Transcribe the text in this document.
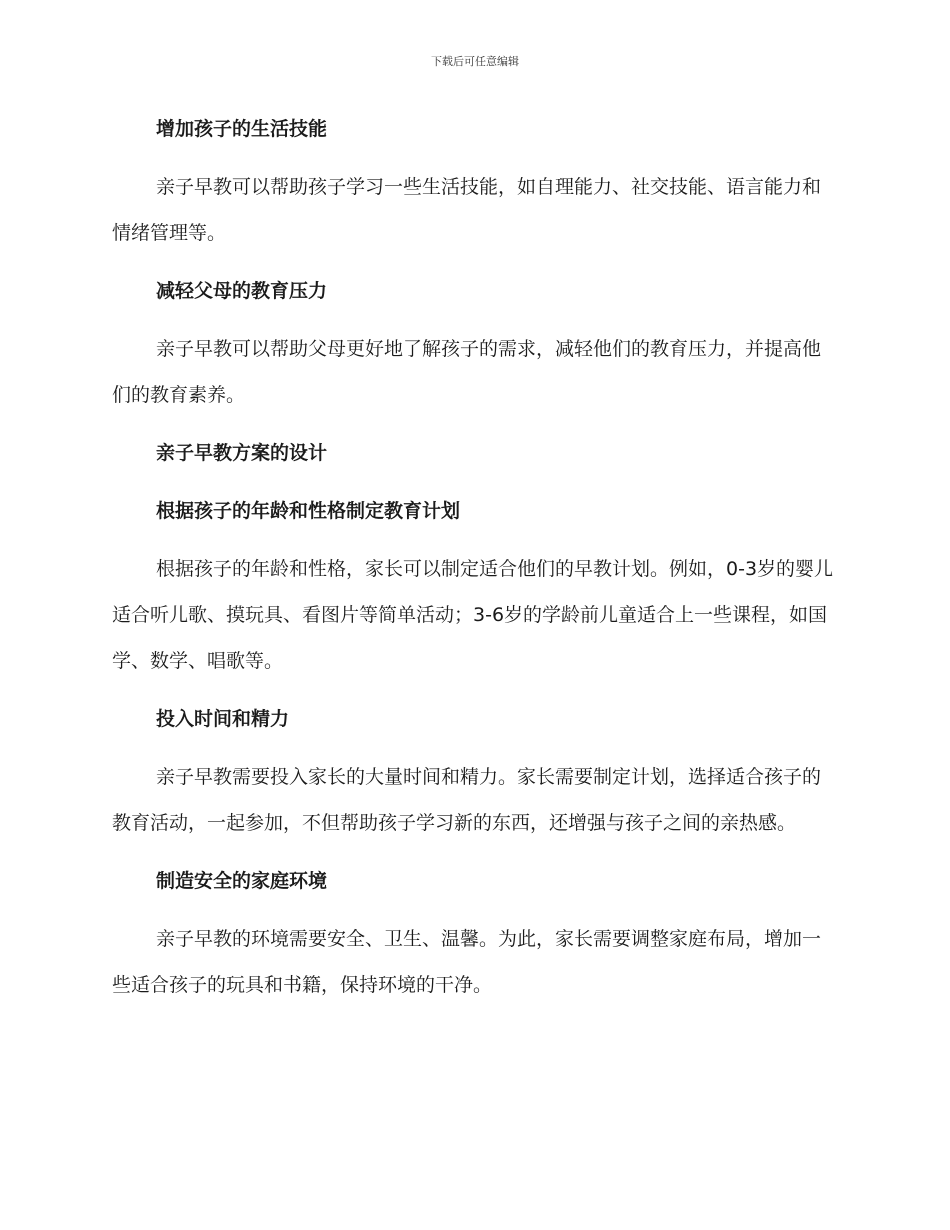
下载后可任意编辑
增加孩子的生活技能
亲子早教可以帮助孩子学习一些生活技能，如自理能力、社交技能、语言能力和情绪管理等。
减轻父母的教育压力
亲子早教可以帮助父母更好地了解孩子的需求，减轻他们的教育压力，并提高他们的教育素养。
亲子早教方案的设计
根据孩子的年龄和性格制定教育计划
根据孩子的年龄和性格，家长可以制定适合他们的早教计划。例如，0-3岁的婴儿适合听儿歌、摸玩具、看图片等简单活动；3-6岁的学龄前儿童适合上一些课程，如国学、数学、唱歌等。
投入时间和精力
亲子早教需要投入家长的大量时间和精力。家长需要制定计划，选择适合孩子的教育活动，一起参加，不但帮助孩子学习新的东西，还增强与孩子之间的亲热感。
制造安全的家庭环境
亲子早教的环境需要安全、卫生、温馨。为此，家长需要调整家庭布局，增加一些适合孩子的玩具和书籍，保持环境的干净。
